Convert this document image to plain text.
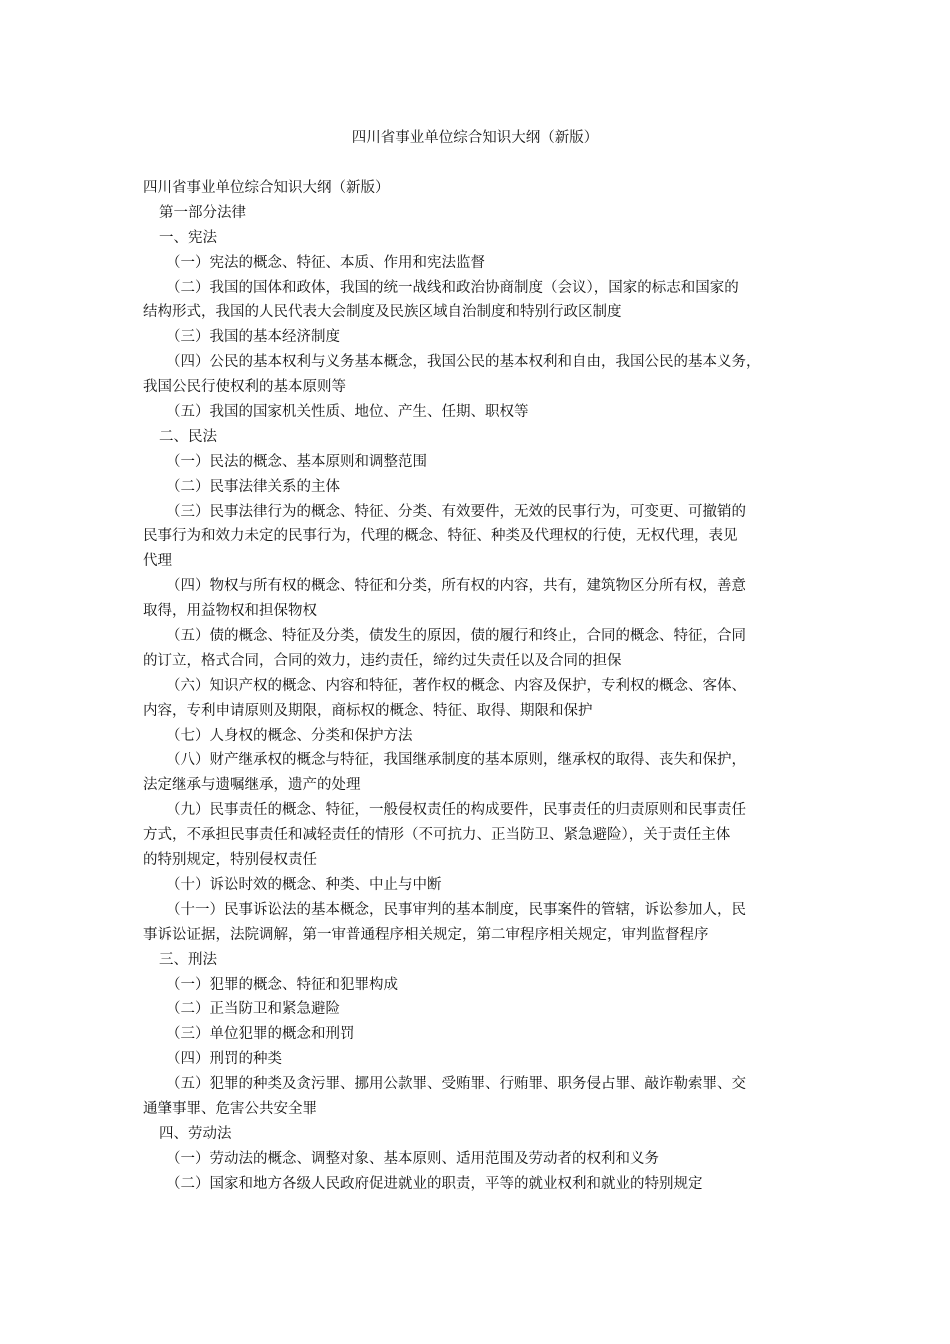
四川省事业单位综合知识大纲（新版）
四川省事业单位综合知识大纲（新版）
第一部分法律
一、宪法
（一）宪法的概念、特征、本质、作用和宪法监督
（二）我国的国体和政体，我国的统一战线和政治协商制度（会议），国家的标志和国家的
结构形式，我国的人民代表大会制度及民族区域自治制度和特别行政区制度
（三）我国的基本经济制度
（四）公民的基本权利与义务基本概念，我国公民的基本权利和自由，我国公民的基本义务，
我国公民行使权利的基本原则等
（五）我国的国家机关性质、地位、产生、任期、职权等
二、民法
（一）民法的概念、基本原则和调整范围
（二）民事法律关系的主体
（三）民事法律行为的概念、特征、分类、有效要件，无效的民事行为，可变更、可撤销的
民事行为和效力未定的民事行为，代理的概念、特征、种类及代理权的行使，无权代理，表见
代理
（四）物权与所有权的概念、特征和分类，所有权的内容，共有，建筑物区分所有权，善意
取得，用益物权和担保物权
（五）债的概念、特征及分类，债发生的原因，债的履行和终止，合同的概念、特征，合同
的订立，格式合同，合同的效力，违约责任，缔约过失责任以及合同的担保
（六）知识产权的概念、内容和特征，著作权的概念、内容及保护，专利权的概念、客体、
内容，专利申请原则及期限，商标权的概念、特征、取得、期限和保护
（七）人身权的概念、分类和保护方法
（八）财产继承权的概念与特征，我国继承制度的基本原则，继承权的取得、丧失和保护，
法定继承与遗嘱继承，遗产的处理
（九）民事责任的概念、特征，一般侵权责任的构成要件，民事责任的归责原则和民事责任
方式，不承担民事责任和减轻责任的情形（不可抗力、正当防卫、紧急避险），关于责任主体
的特别规定，特别侵权责任
（十）诉讼时效的概念、种类、中止与中断
（十一）民事诉讼法的基本概念，民事审判的基本制度，民事案件的管辖，诉讼参加人，民
事诉讼证据，法院调解，第一审普通程序相关规定，第二审程序相关规定，审判监督程序
三、刑法
（一）犯罪的概念、特征和犯罪构成
（二）正当防卫和紧急避险
（三）单位犯罪的概念和刑罚
（四）刑罚的种类
（五）犯罪的种类及贪污罪、挪用公款罪、受贿罪、行贿罪、职务侵占罪、敲诈勒索罪、交
通肇事罪、危害公共安全罪
四、劳动法
（一）劳动法的概念、调整对象、基本原则、适用范围及劳动者的权利和义务
（二）国家和地方各级人民政府促进就业的职责，平等的就业权利和就业的特别规定
